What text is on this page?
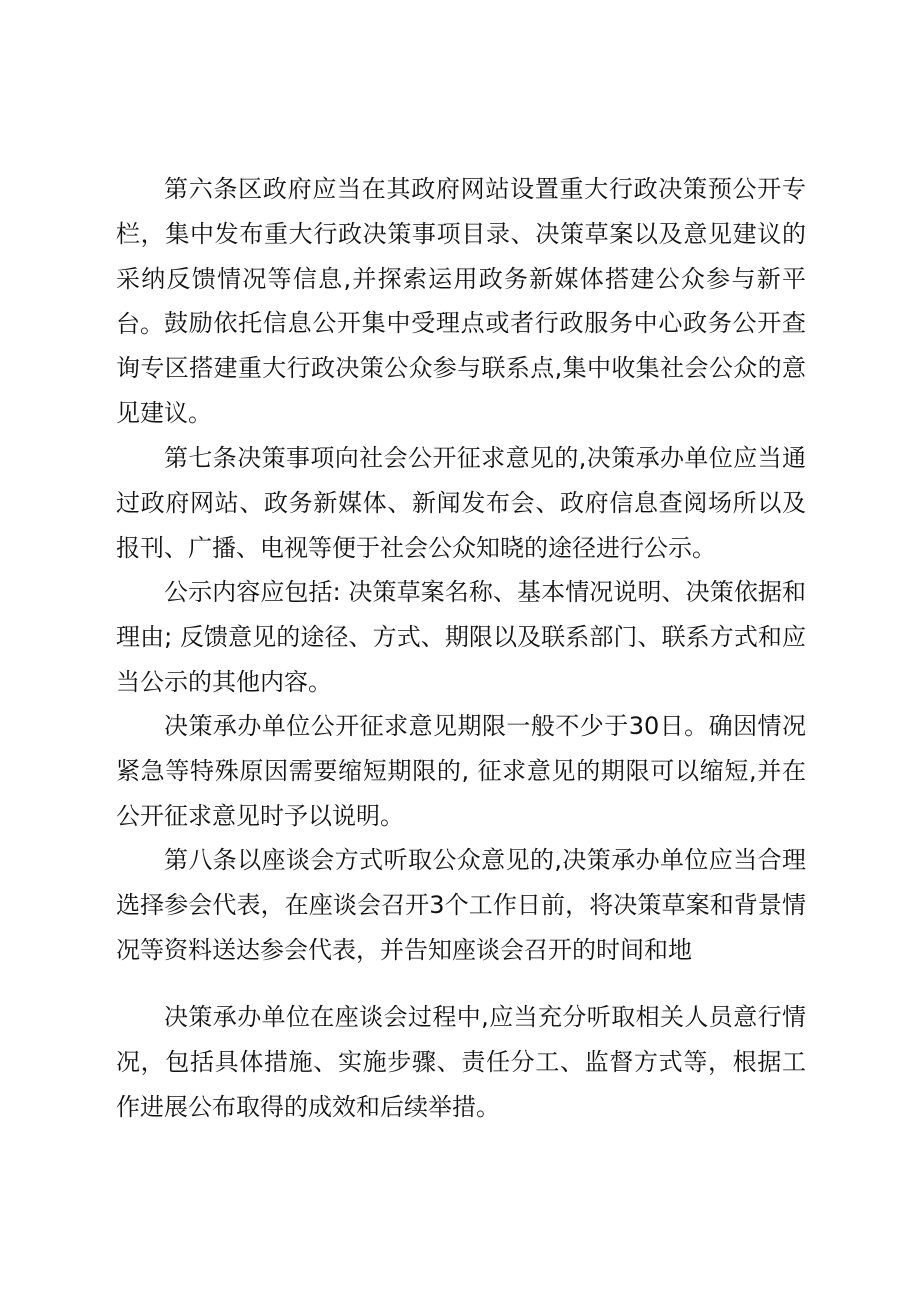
第六条区政府应当在其政府网站设置重大行政决策预公开专栏，集中发布重大行政决策事项目录、决策草案以及意见建议的采纳反馈情况等信息,并探索运用政务新媒体搭建公众参与新平台。 鼓励依托信息公开集中受理点或者行政服务中心政务公开查询专区搭建重大行政决策公众参与联系点,集中收集社会公众的意见建议。

第七条决策事项向社会公开征求意见的,决策承办单位应当通过政府网站、政务新媒体、新闻发布会、政府信息查阅场所以及报刊、广播、电视等便于社会公众知晓的途径进行公示。

公示内容应包括: 决策草案名称、基本情况说明、决策依据和理由; 反馈意见的途径、方式、期限以及联系部门、联系方式和应当公示的其他内容。

决策承办单位公开征求意见期限一般不少于30日。确因情况紧急等特殊原因需要缩短期限的, 征求意见的期限可以缩短,并在公开征求意见时予以说明。

第八条以座谈会方式听取公众意见的,决策承办单位应当合理选择参会代表，在座谈会召开3个工作日前，将决策草案和背景情况等资料送达参会代表，并告知座谈会召开的时间和地

决策承办单位在座谈会过程中,应当充分听取相关人员意行情况，包括具体措施、实施步骤、责任分工、监督方式等，根据工作进展公布取得的成效和后续举措。
